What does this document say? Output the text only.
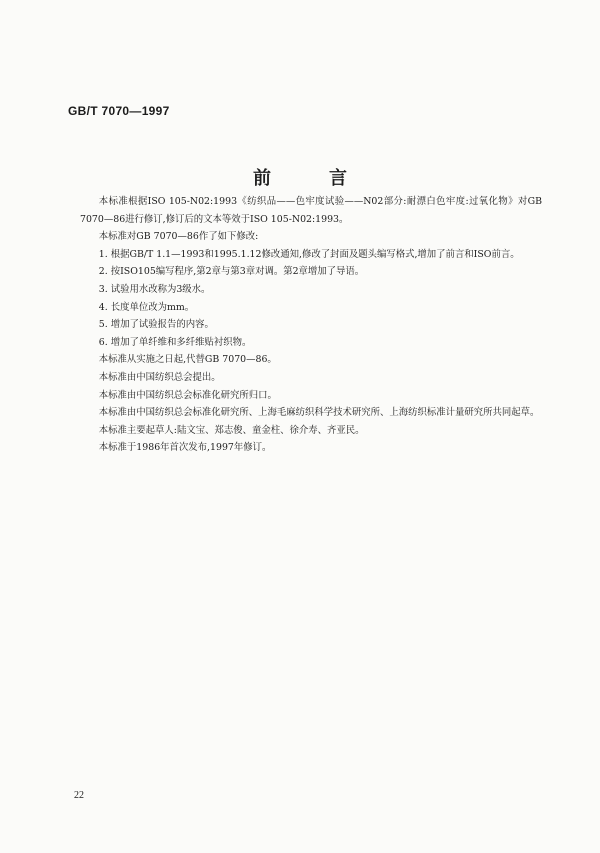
GB/T 7070—1997
前　言

本标准根据ISO 105-N02:1993《纺织品——色牢度试验——N02部分:耐漂白色牢度:过氧化物》对GB 7070—86进行修订,修订后的文本等效于ISO 105-N02:1993。

本标准对GB 7070—86作了如下修改:

1. 根据GB/T 1.1—1993和1995.1.12修改通知,修改了封面及题头编写格式,增加了前言和ISO前言。

2. 按ISO105编写程序,第2章与第3章对调。第2章增加了导语。

3. 试验用水改称为3级水。

4. 长度单位改为mm。

5. 增加了试验报告的内容。

6. 增加了单纤维和多纤维贴衬织物。

本标准从实施之日起,代替GB 7070—86。

本标准由中国纺织总会提出。

本标准由中国纺织总会标准化研究所归口。

本标准由中国纺织总会标准化研究所、上海毛麻纺织科学技术研究所、上海纺织标准计量研究所共同起草。

本标准主要起草人:陆文宝、郑志俊、童金柱、徐介寿、齐亚民。

本标准于1986年首次发布,1997年修订。

22
